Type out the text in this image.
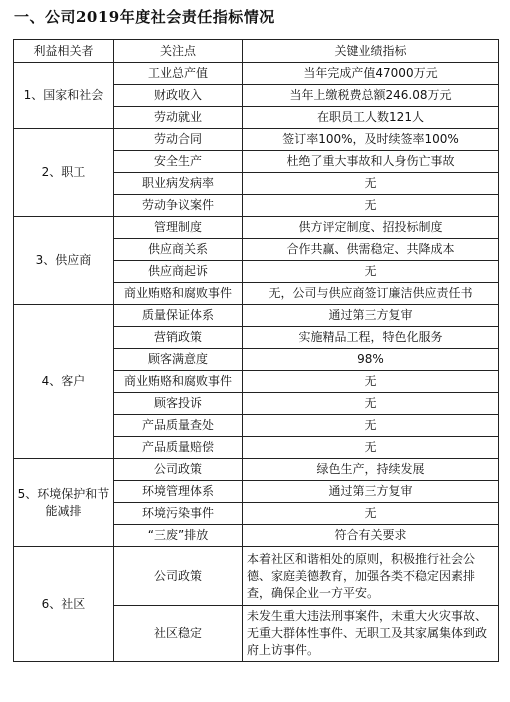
一、公司2019年度社会责任指标情况
利益相关者	关注点	关键业绩指标
1、国家和社会	工业总产值	当年完成产值47000万元
	财政收入	当年上缴税费总额246.08万元
	劳动就业	在职员工人数121人
2、职工	劳动合同	签订率100%，及时续签率100%
	安全生产	杜绝了重大事故和人身伤亡事故
	职业病发病率	无
	劳动争议案件	无
3、供应商	管理制度	供方评定制度、招投标制度
	供应商关系	合作共赢、供需稳定、共降成本
	供应商起诉	无
	商业贿赂和腐败事件	无，公司与供应商签订廉洁供应责任书
4、客户	质量保证体系	通过第三方复审
	营销政策	实施精品工程，特色化服务
	顾客满意度	98%
	商业贿赂和腐败事件	无
	顾客投诉	无
	产品质量查处	无
	产品质量赔偿	无
5、环境保护和节能减排	公司政策	绿色生产，持续发展
	环境管理体系	通过第三方复审
	环境污染事件	无
	“三废”排放	符合有关要求
6、社区	公司政策	本着社区和谐相处的原则，积极推行社会公德、家庭美德教育，加强各类不稳定因素排查，确保企业一方平安。
	社区稳定	未发生重大违法刑事案件，未重大火灾事故、无重大群体性事件、无职工及其家属集体到政府上访事件。
